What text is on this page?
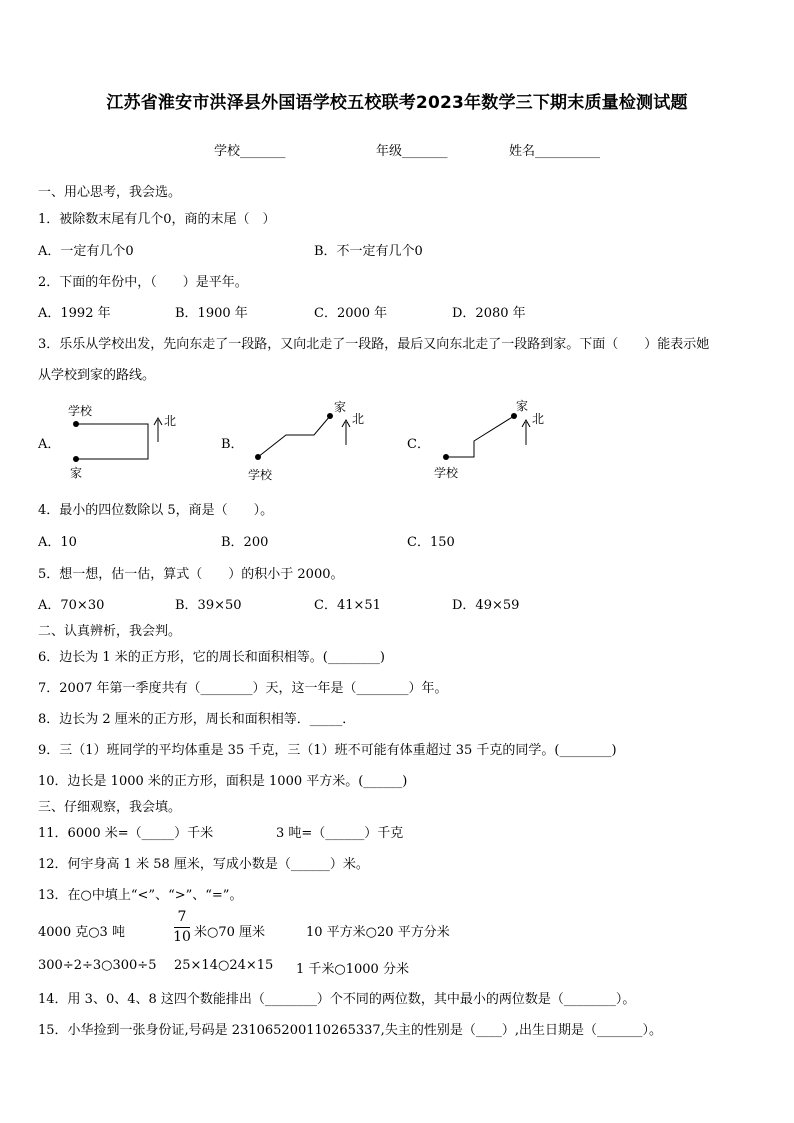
江苏省淮安市洪泽县外国语学校五校联考2023年数学三下期末质量检测试题
学校_______	年级_______	姓名__________
一、用心思考，我会选。
1．被除数末尾有几个0，商的末尾（　）
A．一定有几个0	B．不一定有几个0
2．下面的年份中，（　　）是平年。
A．1992 年	B．1900 年	C．2000 年	D．2080 年
3．乐乐从学校出发，先向东走了一段路，又向北走了一段路，最后又向东北走了一段路到家。下面（　　）能表示她
从学校到家的路线。
A．	B．	C．
学校
家
北
家
学校
北
家
学校
北
4．最小的四位数除以 5，商是（　　）。
A．10	B．200	C．150
5．想一想，估一估，算式（　　）的积小于 2000。
A．70×30	B．39×50	C．41×51	D．49×59
二、认真辨析，我会判。
6．边长为 1 米的正方形，它的周长和面积相等。(________)
7．2007 年第一季度共有（________）天，这一年是（________）年。
8．边长为 2 厘米的正方形，周长和面积相等．_____．
9．三（1）班同学的平均体重是 35 千克，三（1）班不可能有体重超过 35 千克的同学。(________)
10．边长是 1000 米的正方形，面积是 1000 平方米。(______)
三、仔细观察，我会填。
11．6000 米=（_____）千米	3 吨=（______）千克
12．何宇身高 1 米 58 厘米，写成小数是（______）米。
13．在○中填上“<”、“>”、“=”。
4000 克○3 吨
7
10 米○70 厘米	10 平方米○20 平方分米
300÷2÷3○300÷5 25×14○24×15 1 千米○1000 分米
14．用 3、0、4、8 这四个数能排出（________）个不同的两位数，其中最小的两位数是（________）。
15．小华捡到一张身份证,号码是 231065200110265337,失主的性别是（____）,出生日期是（_______）。
